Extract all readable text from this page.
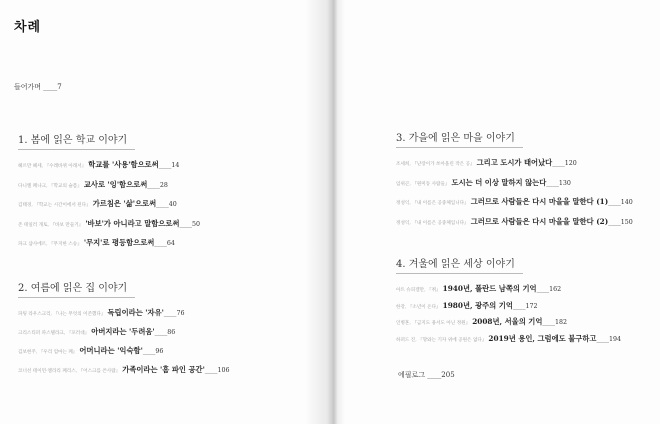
차례
들어가며 ____7
1. 봄에 읽은 학교 이야기
헤르만 헤세, 『수레바퀴 아래서』 학교를 '사용'함으로써____14
다니엘 페나크, 『학교의 슬픔』 교사로 '잉'함으로써____28
김태경, 『학교는 시간이에서 된다』 가르침은 '삶'으로써____40
존 테일러 개토, 『바보 만들기』 '바보'가 아니라고 말함으로써____50
파크 샴사에르, 『무지한 스승』 '무지'로 평등함으로써____64
2. 여름에 읽은 집 이야기
파팅 라우스크리, 『나는 무엇의 이존했다』 독립이라는 '자유'____76
크리스티퍼 파스텔라크, 『포러대』 아버지라는 '두려움'____86
김보현주, 『우리 엄마는 페』 어머니라는 '익숙함'____96
코너선 테이먼·엘라리 페리스, 『어스크를 쓴사람』 가족이라는 '흠 파인 공간'____106
3. 가을에 읽은 마을 이야기
조세희, 『난장이가 쏘아올린 작은 공』 그리고 도시가 태어났다____120
임위곤, 『원미동 사람들』 도시는 더 이상 말하지 않는다____130
정성익, 『내 이름은 공중체입니다』 그러므로 사람들은 다시 마을을 말한다 (1)____140
정성익, 『내 이름은 공중체입니다』 그러므로 사람들은 다시 마을을 말한다 (2)____150
4. 겨울에 읽은 세상 이야기
아트 슈피겔만, 『쥐』 1940년, 폴란드 남쪽의 기억____162
한강, 『소년이 온다』 1980년, 광주의 기억____172
인병혼, 『금지도 용서도 아닌 정원』 2008년, 서울의 기억____182
하퍼드 진, 『망와는 기자 위에 공원은 없다』 2019년 용인, 그럼에도 불구하고____194
에필로그 ____205
